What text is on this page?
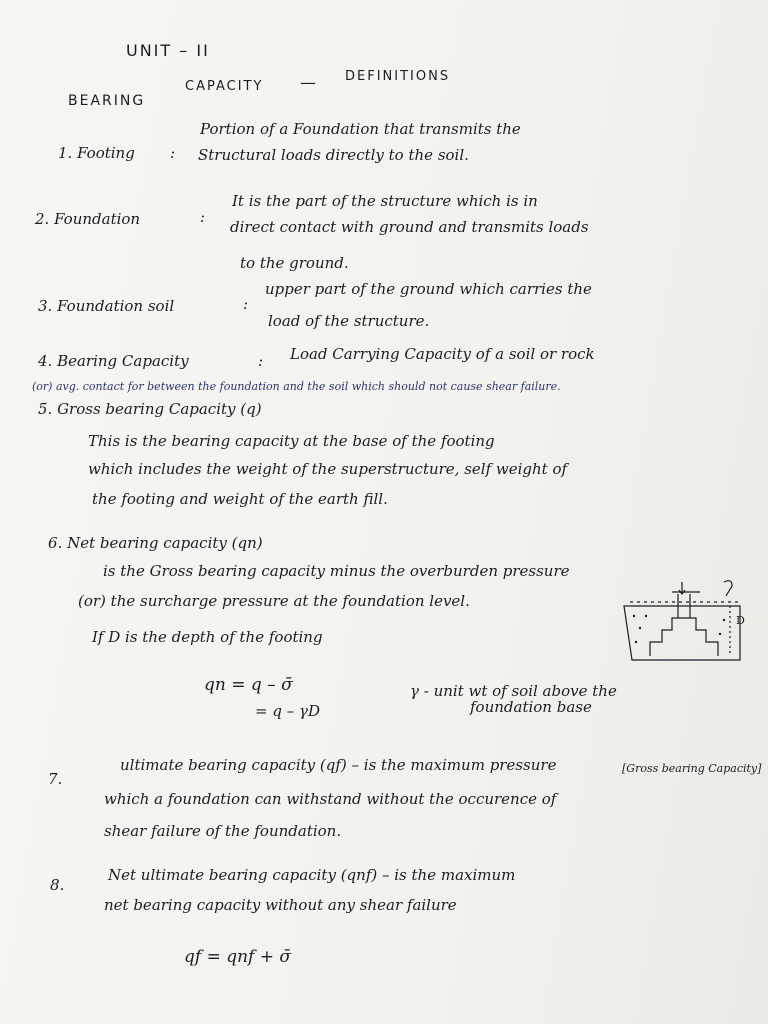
UNIT – II
BEARING
CAPACITY — DEFINITIONS
1. Footing :
Portion of a Foundation that transmits the
Structural loads directly to the soil.
2. Foundation	:
It is the part of the structure which is in
direct contact with ground and transmits loads
to the ground.
3. Foundation soil	:
upper part of the ground which carries the
load of the structure.
4. Bearing Capacity	: Load Carrying Capacity of a soil or rock
(or) avg. contact for between the foundation and the soil which should not cause shear failure.
5. Gross bearing Capacity (q)
This is the bearing capacity at the base of the footing
which includes the weight of the superstructure, self weight of
the footing and weight of the earth fill.
6. Net bearing capacity (qn)
is the Gross bearing capacity minus the overburden pressure
(or) the surcharge pressure at the foundation level.
If D is the depth of the footing
D
qn = q – σ̄
= q – γD
γ - unit wt of soil above the
foundation base
7.
ultimate bearing capacity (qf) – is the maximum pressure	[Gross bearing Capacity]
which a foundation can withstand without the occurence of
shear failure of the foundation.
8.
Net ultimate bearing capacity (qnf) – is the maximum
net bearing capacity without any shear failure
qf = qnf + σ̄
